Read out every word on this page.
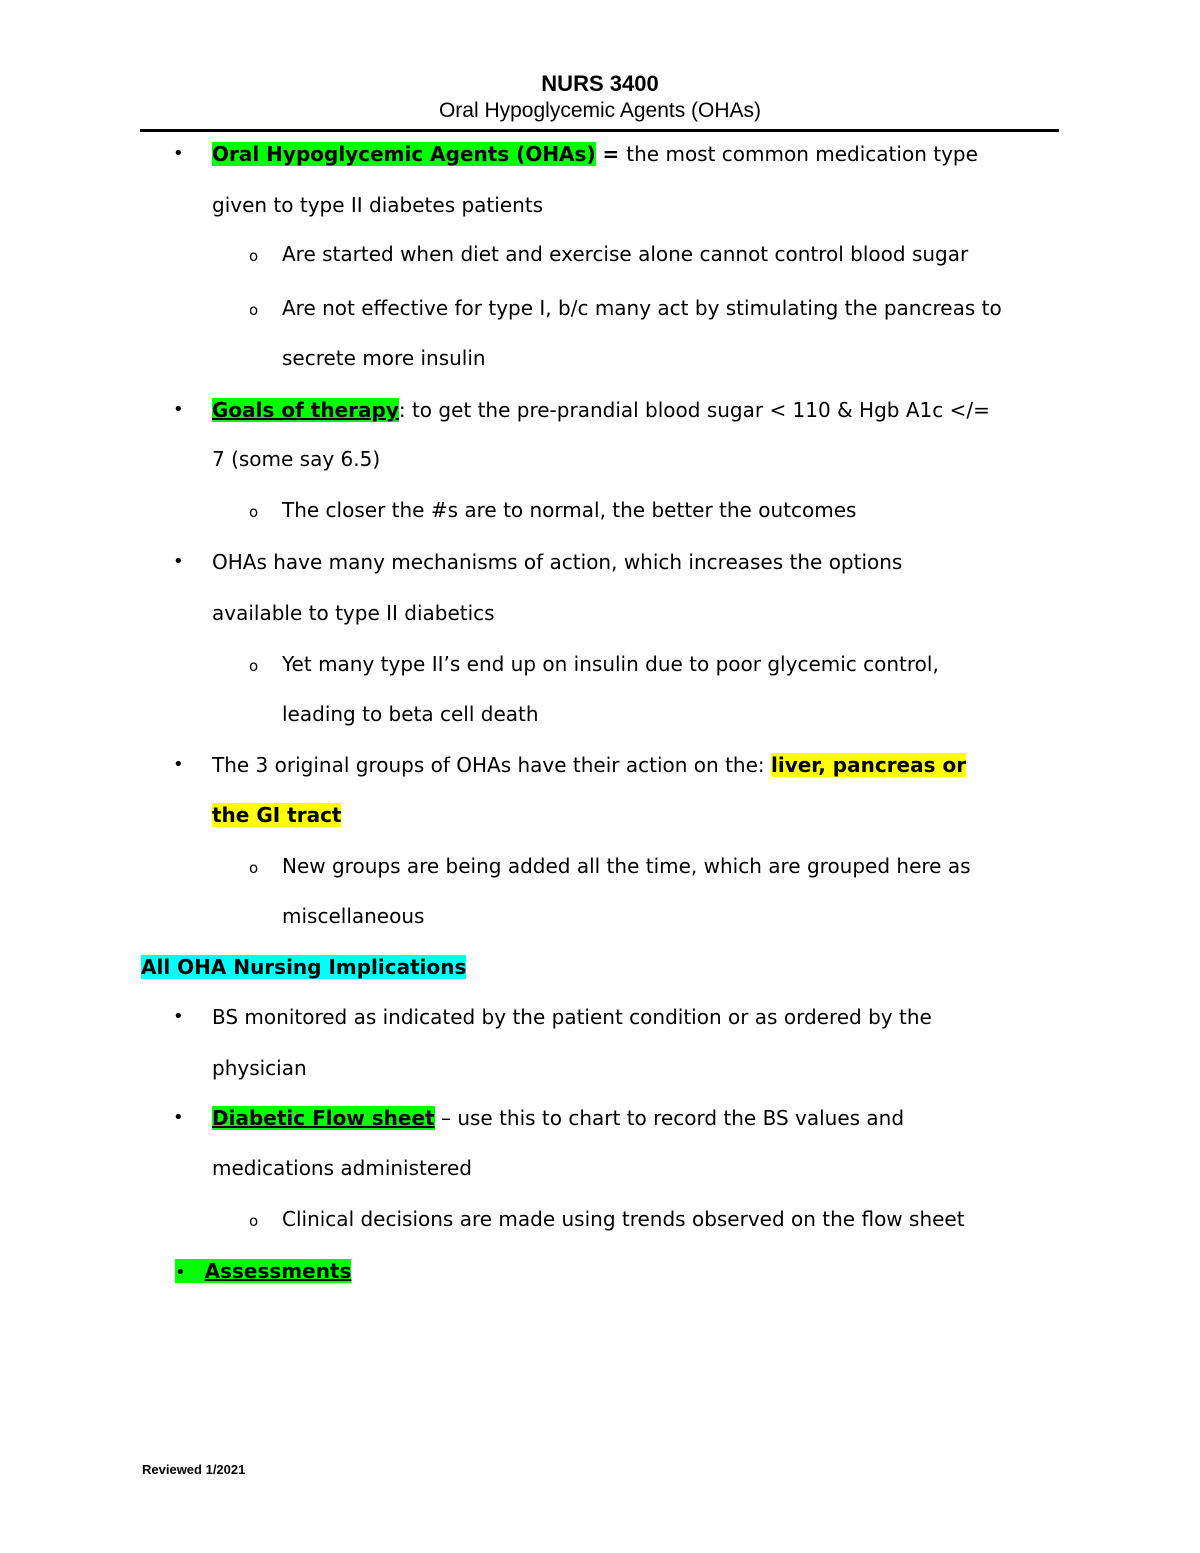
NURS 3400
Oral Hypoglycemic Agents (OHAs)
• Oral Hypoglycemic Agents (OHAs) = the most common medication type
given to type II diabetes patients
o Are started when diet and exercise alone cannot control blood sugar
o Are not effective for type I, b/c many act by stimulating the pancreas to
secrete more insulin
• Goals of therapy: to get the pre-prandial blood sugar < 110 & Hgb A1c </=
7 (some say 6.5)
o The closer the #s are to normal, the better the outcomes
• OHAs have many mechanisms of action, which increases the options
available to type II diabetics
o Yet many type II’s end up on insulin due to poor glycemic control,
leading to beta cell death
• The 3 original groups of OHAs have their action on the: liver, pancreas or
the GI tract
o New groups are being added all the time, which are grouped here as
miscellaneous
All OHA Nursing Implications
• BS monitored as indicated by the patient condition or as ordered by the
physician
• Diabetic Flow sheet – use this to chart to record the BS values and
medications administered
o Clinical decisions are made using trends observed on the flow sheet
• Assessments
Reviewed 1/2021
